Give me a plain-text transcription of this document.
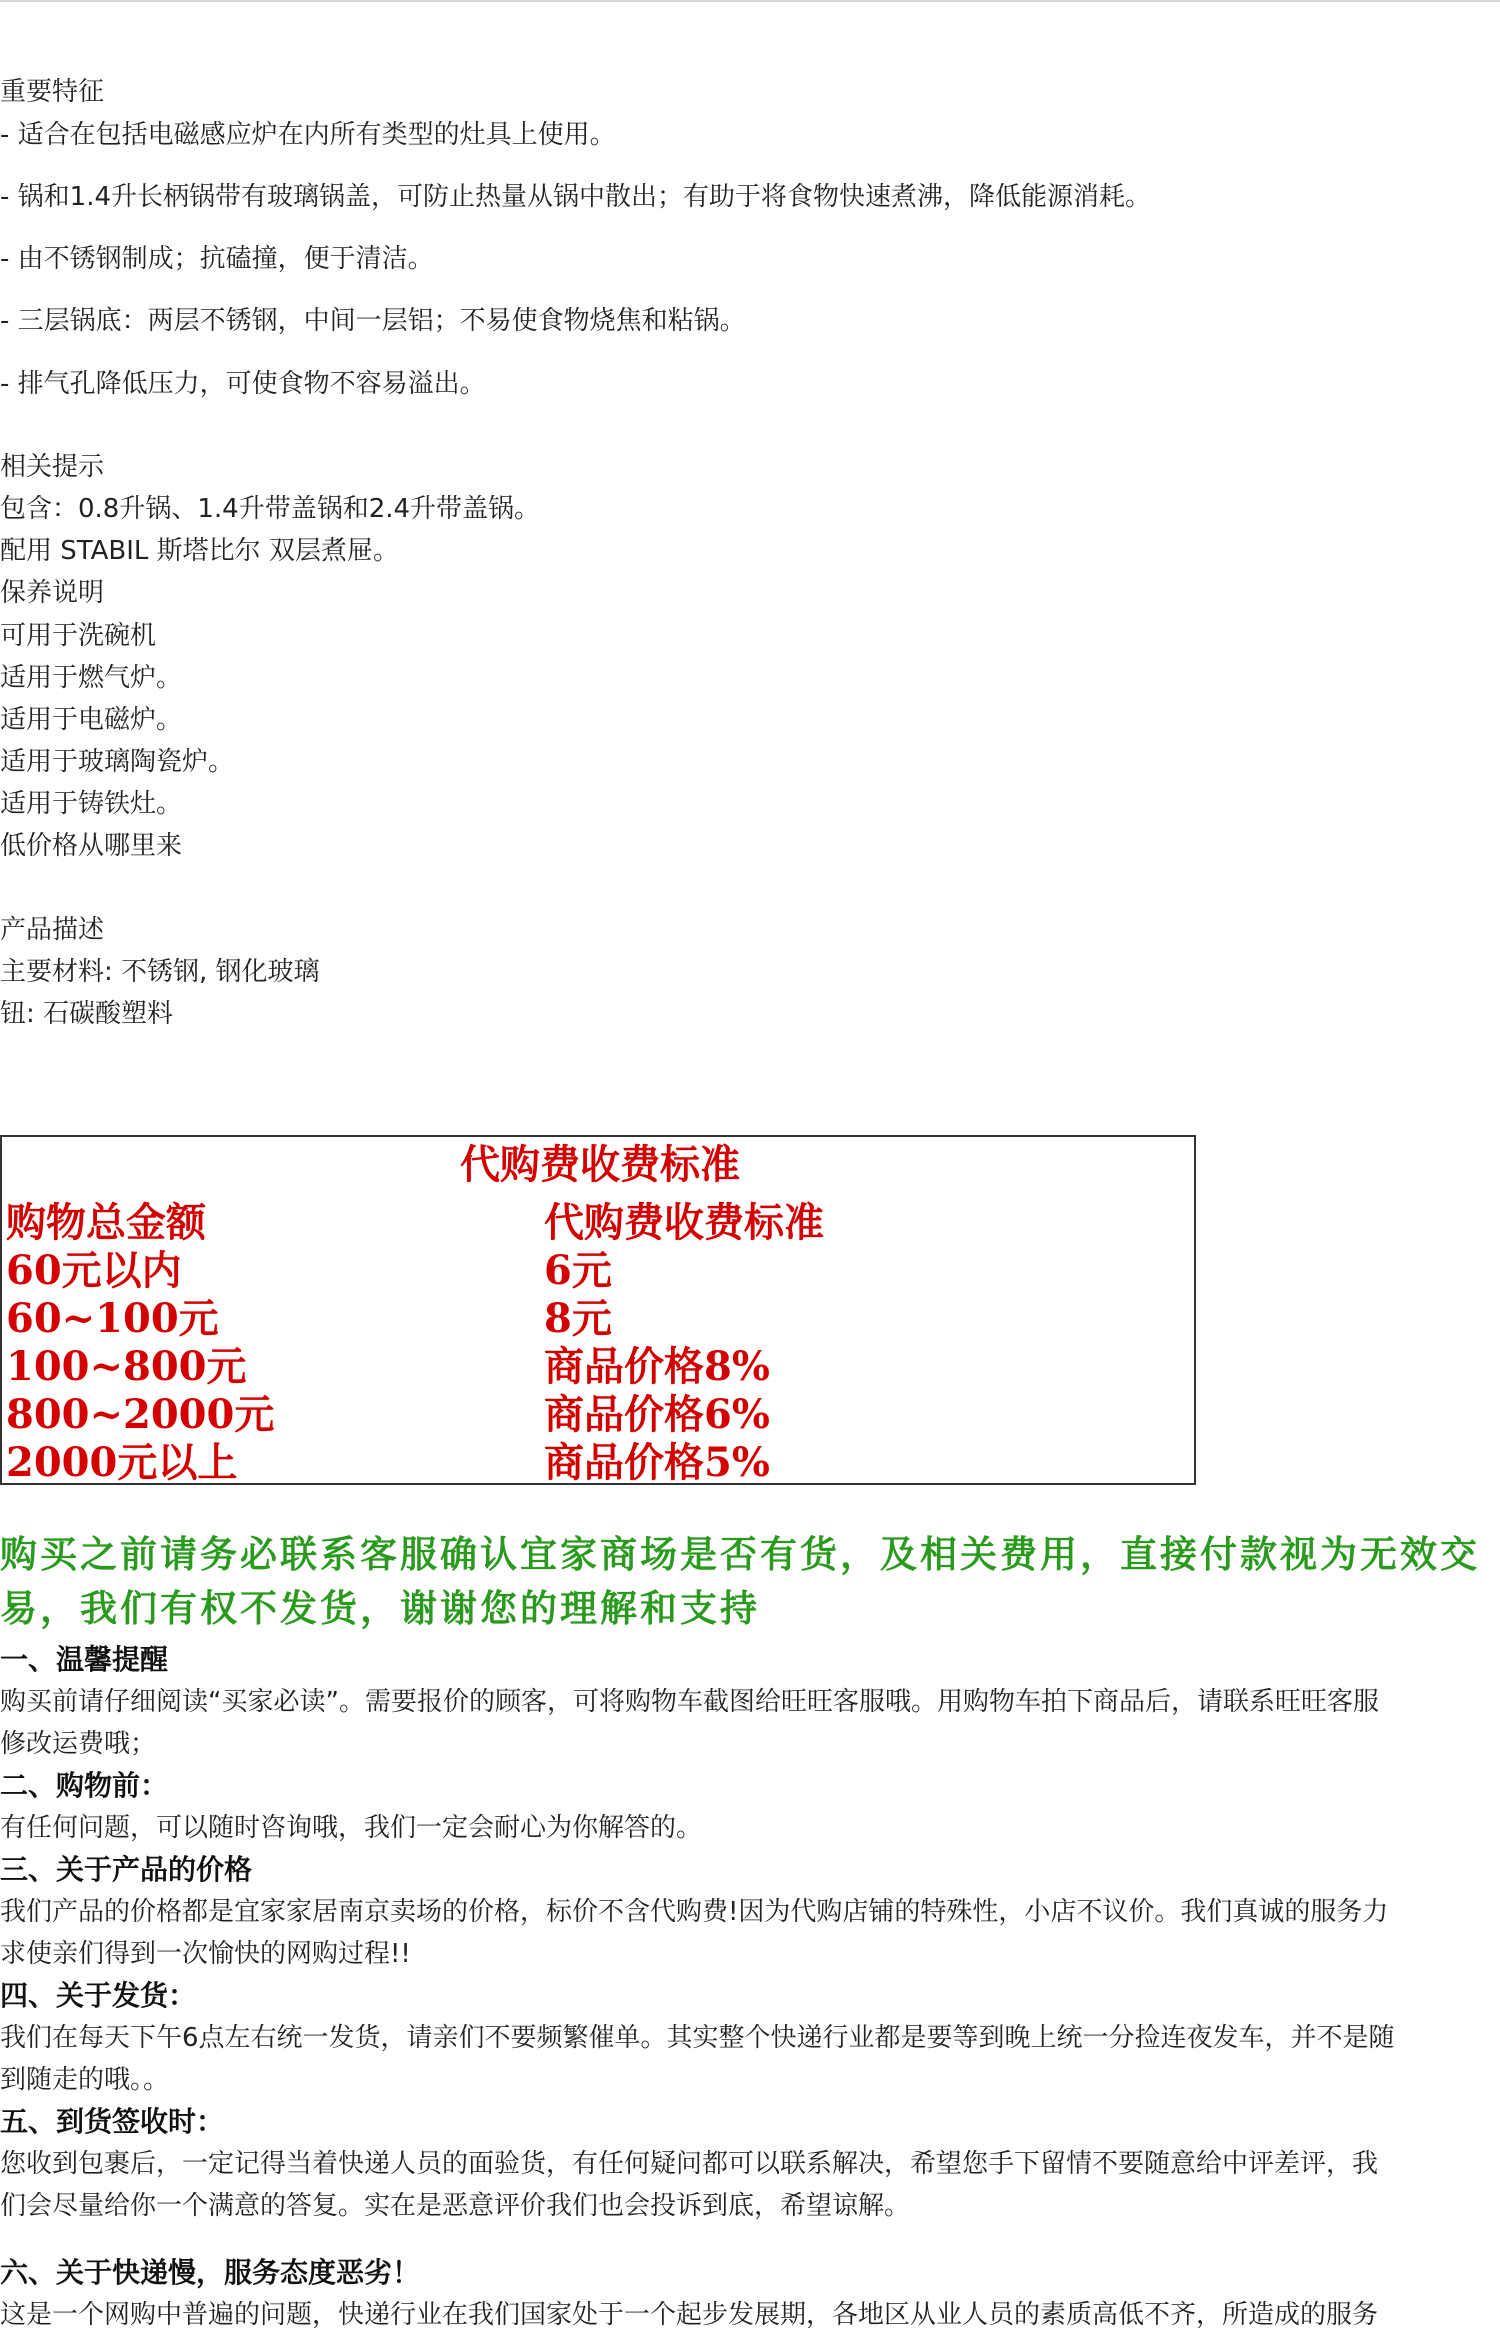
重要特征
- 适合在包括电磁感应炉在内所有类型的灶具上使用。
- 锅和1.4升长柄锅带有玻璃锅盖，可防止热量从锅中散出；有助于将食物快速煮沸，降低能源消耗。
- 由不锈钢制成；抗磕撞，便于清洁。
- 三层锅底：两层不锈钢，中间一层铝；不易使食物烧焦和粘锅。
- 排气孔降低压力，可使食物不容易溢出。
相关提示
包含：0.8升锅、1.4升带盖锅和2.4升带盖锅。
配用 STABIL 斯塔比尔 双层煮屉。
保养说明
可用于洗碗机
适用于燃气炉。
适用于电磁炉。
适用于玻璃陶瓷炉。
适用于铸铁灶。
低价格从哪里来
产品描述
主要材料: 不锈钢, 钢化玻璃
钮: 石碳酸塑料
代购费收费标准
购物总金额	代购费收费标准
60元以内	6元
60~100元	8元
100~800元	商品价格8%
800~2000元	商品价格6%
2000元以上	商品价格5%
购买之前请务必联系客服确认宜家商场是否有货，及相关费用，直接付款视为无效交
易，我们有权不发货，谢谢您的理解和支持
一、温馨提醒
购买前请仔细阅读“买家必读”。需要报价的顾客，可将购物车截图给旺旺客服哦。用购物车拍下商品后，请联系旺旺客服
修改运费哦；
二、购物前：
有任何问题，可以随时咨询哦，我们一定会耐心为你解答的。
三、关于产品的价格
我们产品的价格都是宜家家居南京卖场的价格，标价不含代购费!因为代购店铺的特殊性，小店不议价。我们真诚的服务力
求使亲们得到一次愉快的网购过程!!
四、关于发货：
我们在每天下午6点左右统一发货，请亲们不要频繁催单。其实整个快递行业都是要等到晚上统一分捡连夜发车，并不是随
到随走的哦。。
五、到货签收时：
您收到包裹后，一定记得当着快递人员的面验货，有任何疑问都可以联系解决，希望您手下留情不要随意给中评差评，我
们会尽量给你一个满意的答复。实在是恶意评价我们也会投诉到底，希望谅解。
六、关于快递慢，服务态度恶劣！
这是一个网购中普遍的问题，快递行业在我们国家处于一个起步发展期，各地区从业人员的素质高低不齐，所造成的服务
